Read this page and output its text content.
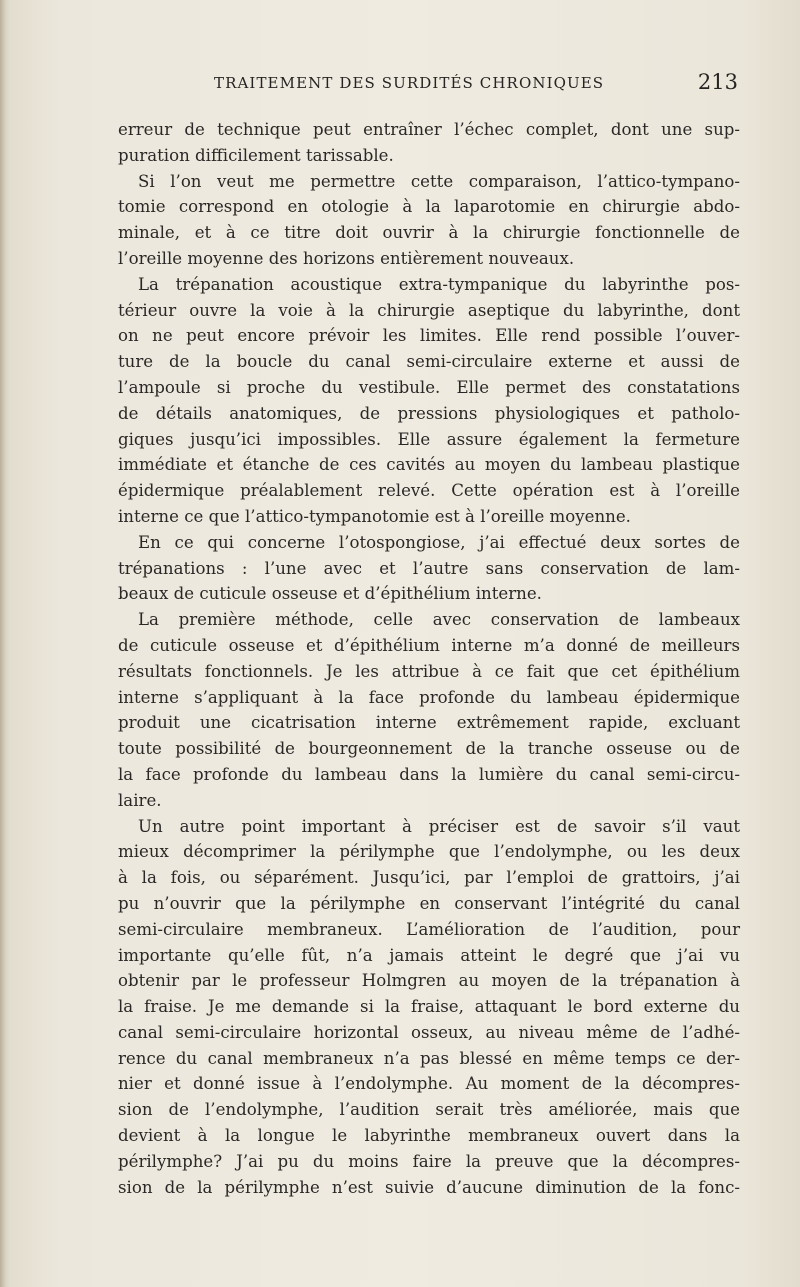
TRAITEMENT DES SURDITÉS CHRONIQUES	213
erreur de technique peut entraîner l’échec complet, dont une sup-
puration difficilement tarissable.
Si l’on veut me permettre cette comparaison, l’attico-tympano-
tomie correspond en otologie à la laparotomie en chirurgie abdo-
minale, et à ce titre doit ouvrir à la chirurgie fonctionnelle de
l’oreille moyenne des horizons entièrement nouveaux.
La trépanation acoustique extra-tympanique du labyrinthe pos-
térieur ouvre la voie à la chirurgie aseptique du labyrinthe, dont
on ne peut encore prévoir les limites. Elle rend possible l’ouver-
ture de la boucle du canal semi-circulaire externe et aussi de
l’ampoule si proche du vestibule. Elle permet des constatations
de détails anatomiques, de pressions physiologiques et patholo-
giques jusqu’ici impossibles. Elle assure également la fermeture
immédiate et étanche de ces cavités au moyen du lambeau plastique
épidermique préalablement relevé. Cette opération est à l’oreille
interne ce que l’attico-tympanotomie est à l’oreille moyenne.
En ce qui concerne l’otospongiose, j’ai effectué deux sortes de
trépanations : l’une avec et l’autre sans conservation de lam-
beaux de cuticule osseuse et d’épithélium interne.
La première méthode, celle avec conservation de lambeaux
de cuticule osseuse et d’épithélium interne m’a donné de meilleurs
résultats fonctionnels. Je les attribue à ce fait que cet épithélium
interne s’appliquant à la face profonde du lambeau épidermique
produit une cicatrisation interne extrêmement rapide, excluant
toute possibilité de bourgeonnement de la tranche osseuse ou de
la face profonde du lambeau dans la lumière du canal semi-circu-
laire.
Un autre point important à préciser est de savoir s’il vaut
mieux décomprimer la périlymphe que l’endolymphe, ou les deux
à la fois, ou séparément. Jusqu’ici, par l’emploi de grattoirs, j’ai
pu n’ouvrir que la périlymphe en conservant l’intégrité du canal
semi-circulaire membraneux. L’amélioration de l’audition, pour
importante qu’elle fût, n’a jamais atteint le degré que j’ai vu
obtenir par le professeur Holmgren au moyen de la trépanation à
la fraise. Je me demande si la fraise, attaquant le bord externe du
canal semi-circulaire horizontal osseux, au niveau même de l’adhé-
rence du canal membraneux n’a pas blessé en même temps ce der-
nier et donné issue à l’endolymphe. Au moment de la décompres-
sion de l’endolymphe, l’audition serait très améliorée, mais que
devient à la longue le labyrinthe membraneux ouvert dans la
périlymphe? J’ai pu du moins faire la preuve que la décompres-
sion de la périlymphe n’est suivie d’aucune diminution de la fonc-
